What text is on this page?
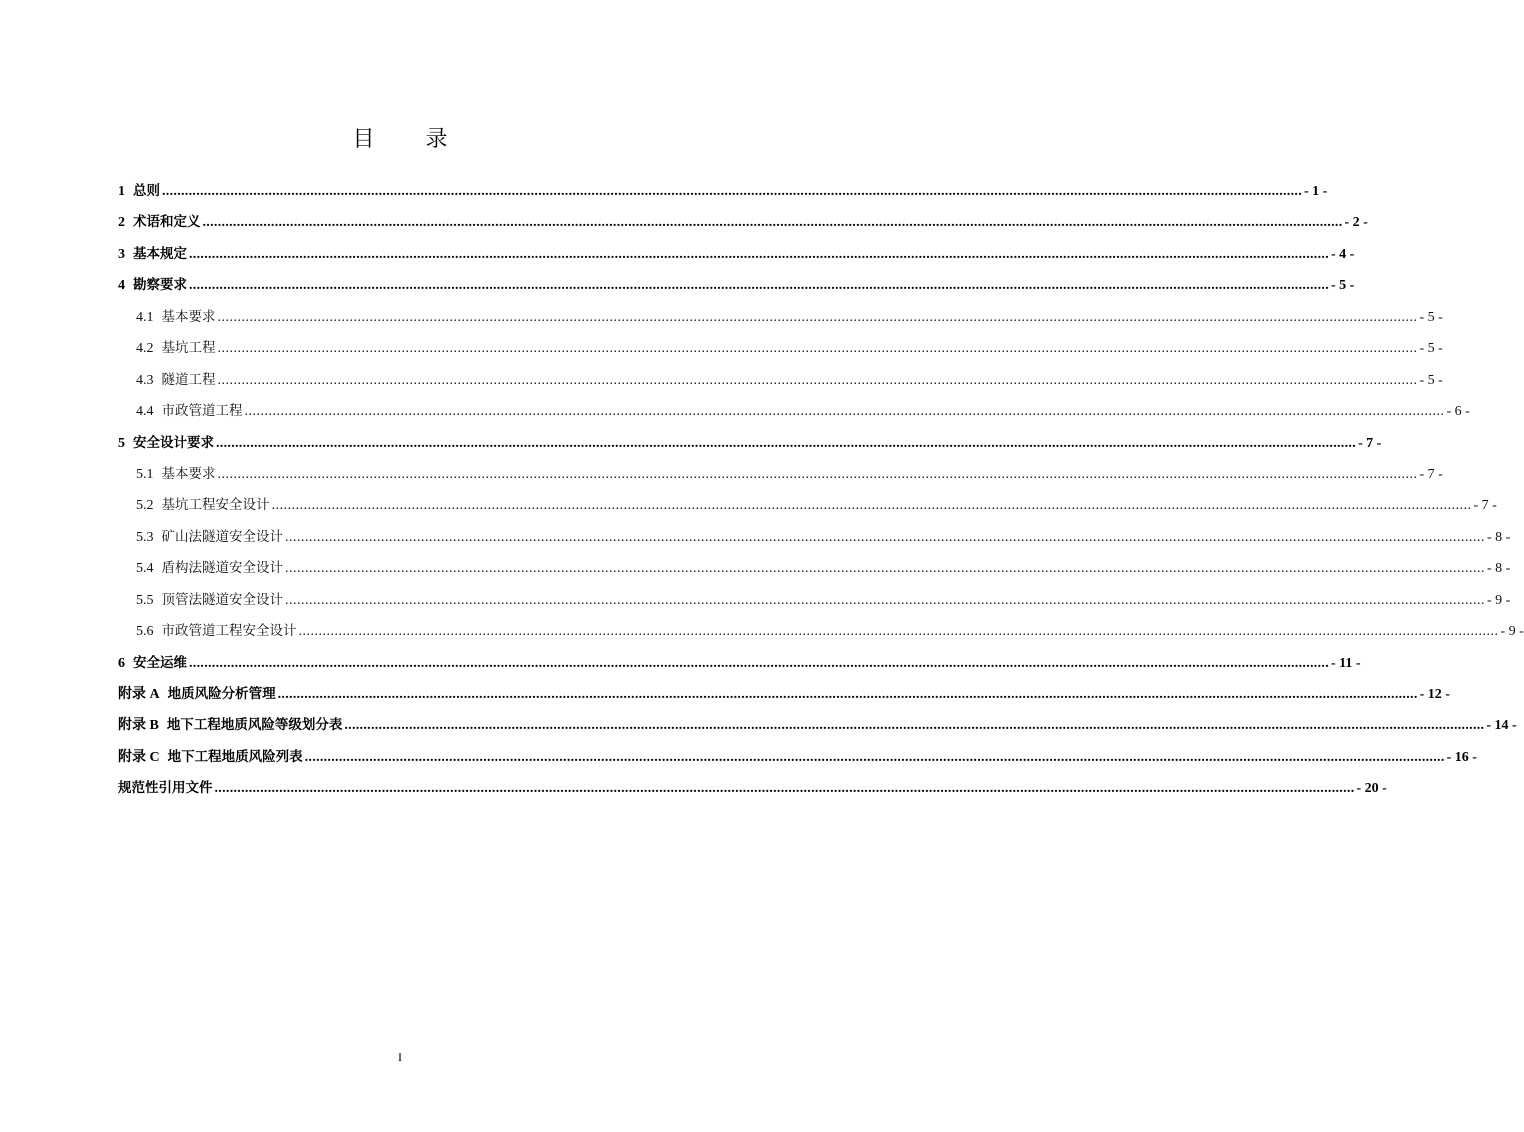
目 录
1 总则 ............................................................................................................................................................................................................................................................................................................ - 1 -
2 术语和定义 ............................................................................................................................................................................................................................................................................................................ - 2 -
3 基本规定 ............................................................................................................................................................................................................................................................................................................ - 4 -
4 勘察要求 ............................................................................................................................................................................................................................................................................................................ - 5 -
4.1 基本要求 ............................................................................................................................................................................................................................................................................................................ - 5 -
4.2 基坑工程 ............................................................................................................................................................................................................................................................................................................ - 5 -
4.3 隧道工程 ............................................................................................................................................................................................................................................................................................................ - 5 -
4.4 市政管道工程 ............................................................................................................................................................................................................................................................................................................ - 6 -
5 安全设计要求 ............................................................................................................................................................................................................................................................................................................ - 7 -
5.1 基本要求 ............................................................................................................................................................................................................................................................................................................ - 7 -
5.2 基坑工程安全设计 ............................................................................................................................................................................................................................................................................................................ - 7 -
5.3 矿山法隧道安全设计 ............................................................................................................................................................................................................................................................................................................ - 8 -
5.4 盾构法隧道安全设计 ............................................................................................................................................................................................................................................................................................................ - 8 -
5.5 顶管法隧道安全设计 ............................................................................................................................................................................................................................................................................................................ - 9 -
5.6 市政管道工程安全设计 ............................................................................................................................................................................................................................................................................................................ - 9 -
6 安全运维 ............................................................................................................................................................................................................................................................................................................ - 11 -
附录 A 地质风险分析管理 ............................................................................................................................................................................................................................................................................................................ - 12 -
附录 B 地下工程地质风险等级划分表 ............................................................................................................................................................................................................................................................................................................ - 14 -
附录 C 地下工程地质风险列表 ............................................................................................................................................................................................................................................................................................................ - 16 -
规范性引用文件 ............................................................................................................................................................................................................................................................................................................ - 20 -
I
